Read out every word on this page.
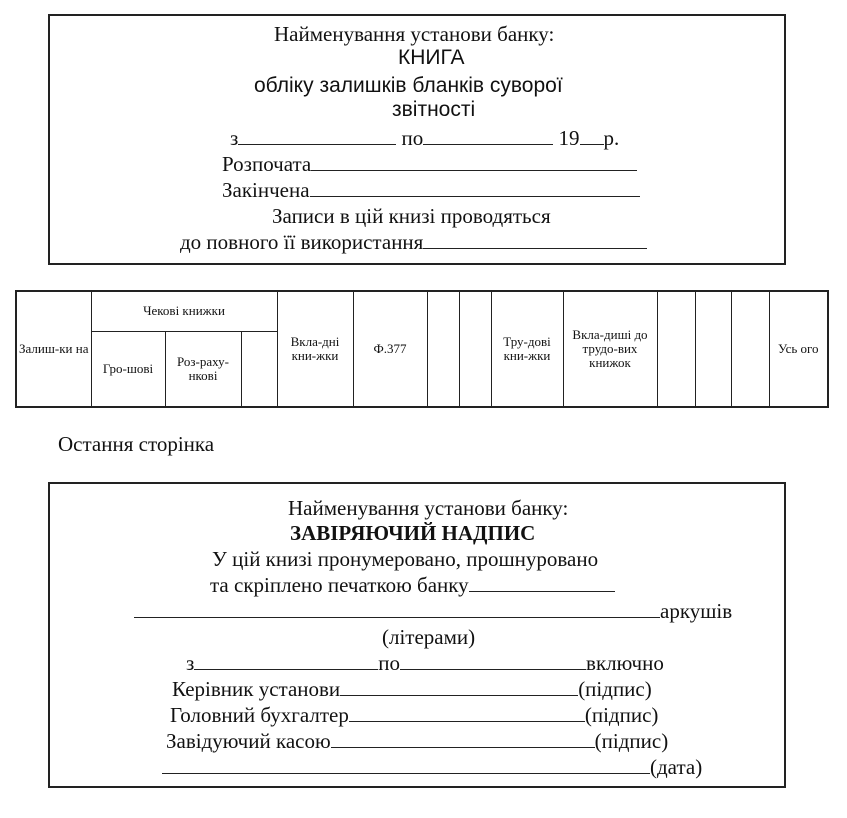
Найменування установи банку:
КНИГА
обліку залишків бланків суворої
звітності
з	по	19 р.
Розпочата
Закінчена
Записи в цій книзі проводяться
до повного її використання
Залиш-ки на	Чекові книжки			Вкла-дні кни-жки	Ф.377			Тру-дові кни-жки	Вкла-диші до трудо-вих книжок				Усь ого
	Гро-шові	Роз-раху-нкові											
Остання сторінка
Найменування установи банку:
ЗАВІРЯЮЧИЙ НАДПИС
У цій книзі пронумеровано, прошнуровано
та скріплено печаткою банку
аркушів
(літерами)
з	по	включно
Керівник установи	(підпис)
Головний бухгалтер	(підпис)
Завідуючий касою	(підпис)
(дата)
